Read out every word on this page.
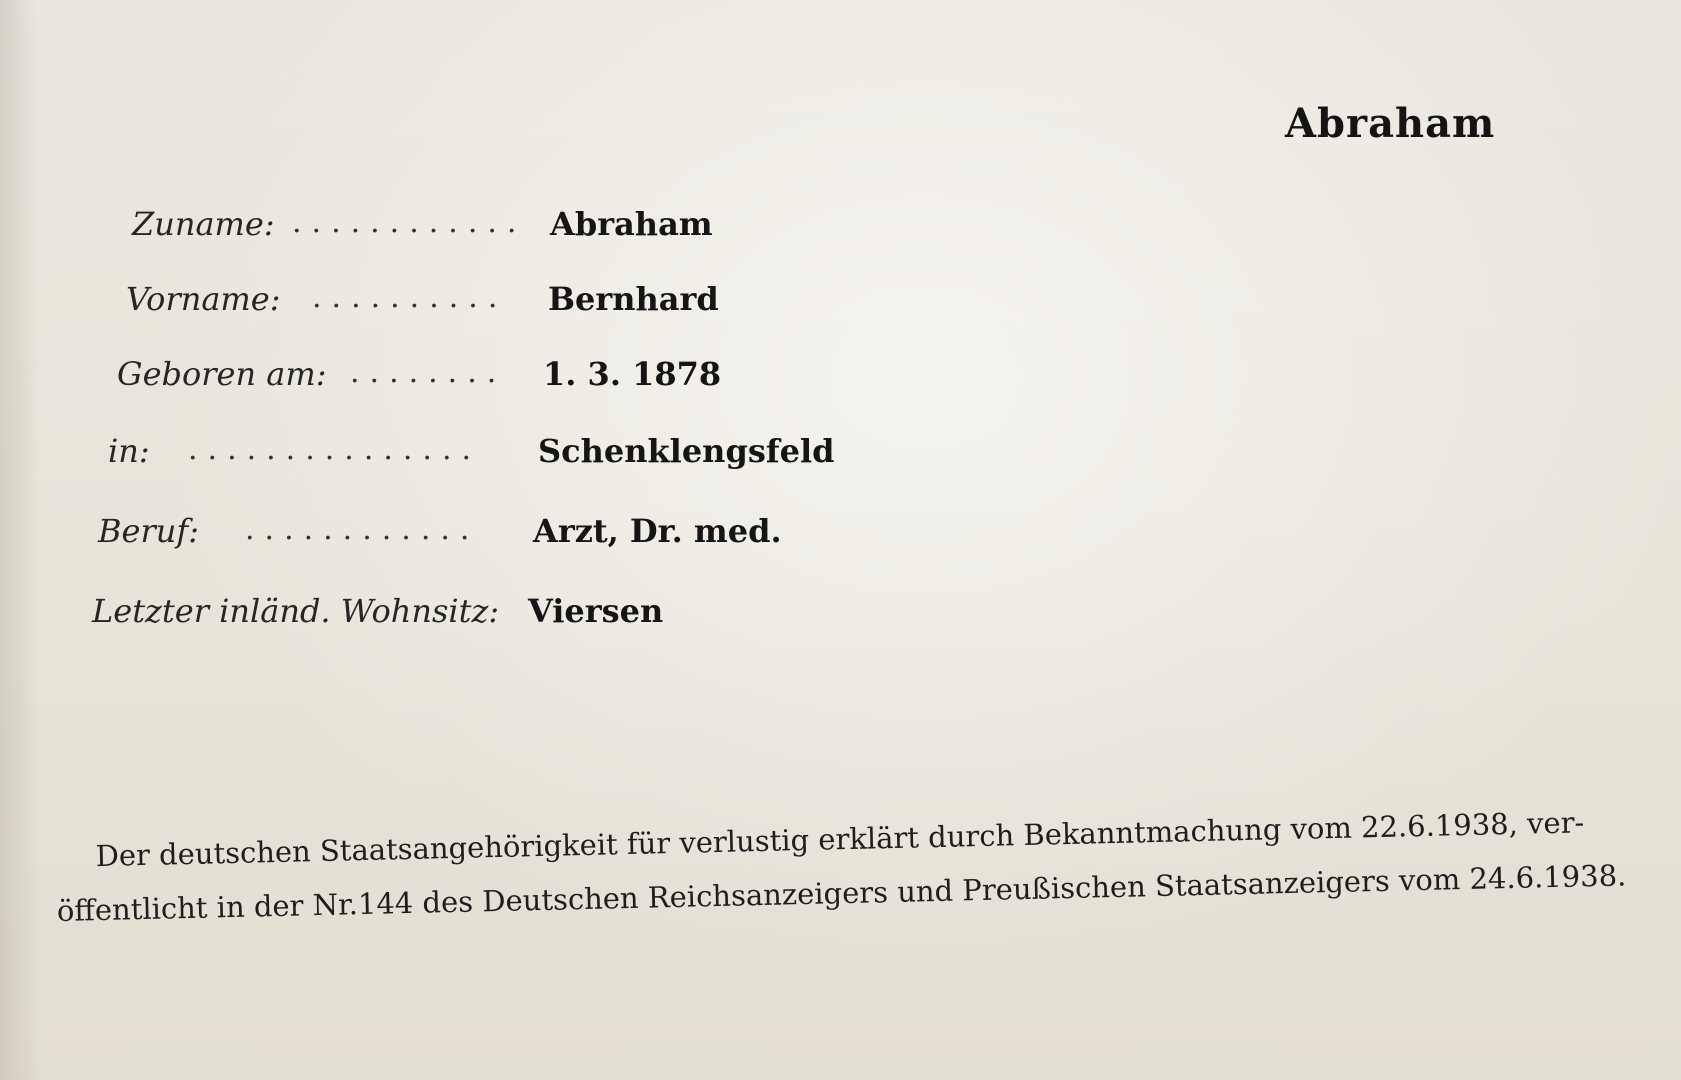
Abraham
Zuname: ............ Abraham
Vorname: .......... Bernhard
Geboren am: ........ 1. 3. 1878
in: ............... Schenklengsfeld
Beruf: ............ Arzt, Dr. med.
Letzter inländ. Wohnsitz: Viersen
Der deutschen Staatsangehörigkeit für verlustig erklärt durch Bekanntmachung vom 22.6.1938, ver-
öffentlicht in der Nr.144 des Deutschen Reichsanzeigers und Preußischen Staatsanzeigers vom 24.6.1938.
